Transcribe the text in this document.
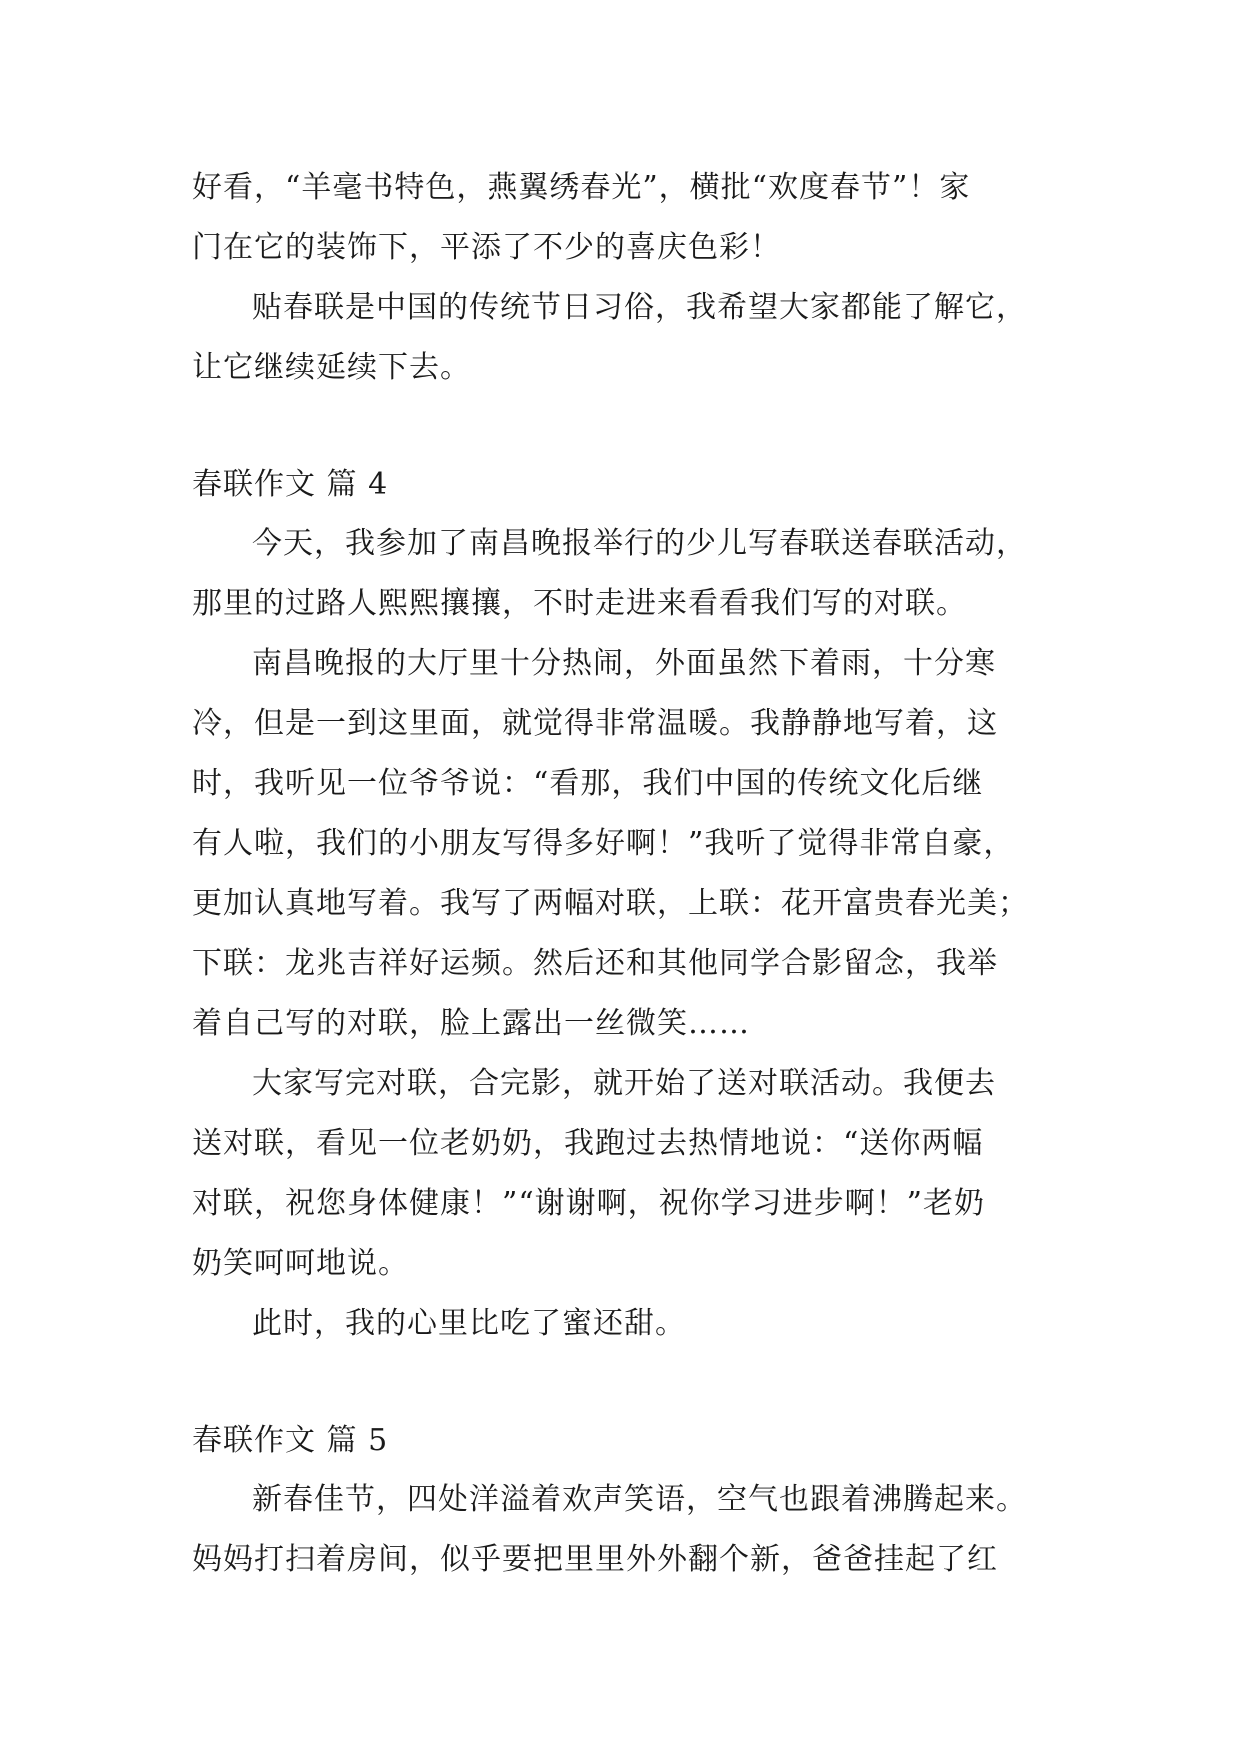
好看，“羊毫书特色，燕翼绣春光”，横批“欢度春节”！家
门在它的装饰下，平添了不少的喜庆色彩！
贴春联是中国的传统节日习俗，我希望大家都能了解它，
让它继续延续下去。
春联作文 篇 4
今天，我参加了南昌晚报举行的少儿写春联送春联活动，
那里的过路人熙熙攘攘，不时走进来看看我们写的对联。
南昌晚报的大厅里十分热闹，外面虽然下着雨，十分寒
冷，但是一到这里面，就觉得非常温暖。我静静地写着，这
时，我听见一位爷爷说：“看那，我们中国的传统文化后继
有人啦，我们的小朋友写得多好啊！”我听了觉得非常自豪，
更加认真地写着。我写了两幅对联，上联：花开富贵春光美；
下联：龙兆吉祥好运频。然后还和其他同学合影留念，我举
着自己写的对联，脸上露出一丝微笑……
大家写完对联，合完影，就开始了送对联活动。我便去
送对联，看见一位老奶奶，我跑过去热情地说：“送你两幅
对联，祝您身体健康！”“谢谢啊，祝你学习进步啊！”老奶
奶笑呵呵地说。
此时，我的心里比吃了蜜还甜。
春联作文 篇 5
新春佳节，四处洋溢着欢声笑语，空气也跟着沸腾起来。
妈妈打扫着房间，似乎要把里里外外翻个新，爸爸挂起了红
